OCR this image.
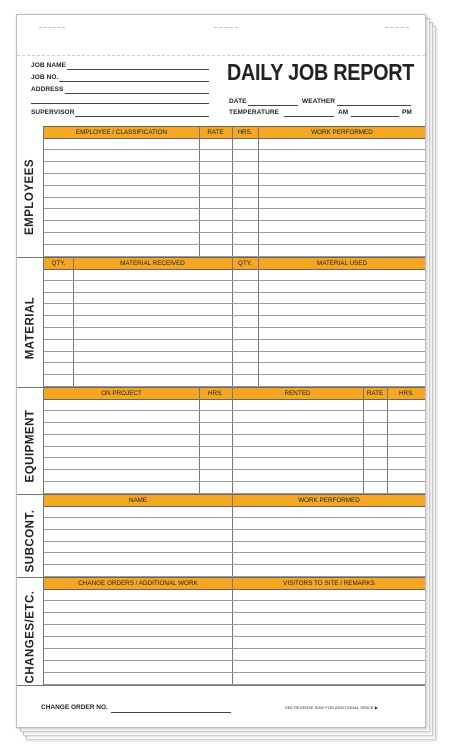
JOB NAME
JOB NO.
ADDRESS
SUPERVISOR
DAILY JOB REPORT
DATE	WEATHER
TEMPERATURE	AM	PM
EMPLOYEES
EMPLOYEE / CLASSIFICATION	RATE	HRS.	WORK PERFORMED
MATERIAL
QTY.	MATERIAL RECEIVED	QTY.	MATERIAL USED
EQUIPMENT
ON PROJECT	HRS.	RENTED	RATE	HRS.
SUBCONT.
NAME	WORK PERFORMED
CHANGES/ETC.
CHANGE ORDERS / ADDITIONAL WORK	VISITORS TO SITE / REMARKS
CHANGE ORDER NO.	SEE REVERSE SIDE FOR ADDITIONAL SPACE ▶
